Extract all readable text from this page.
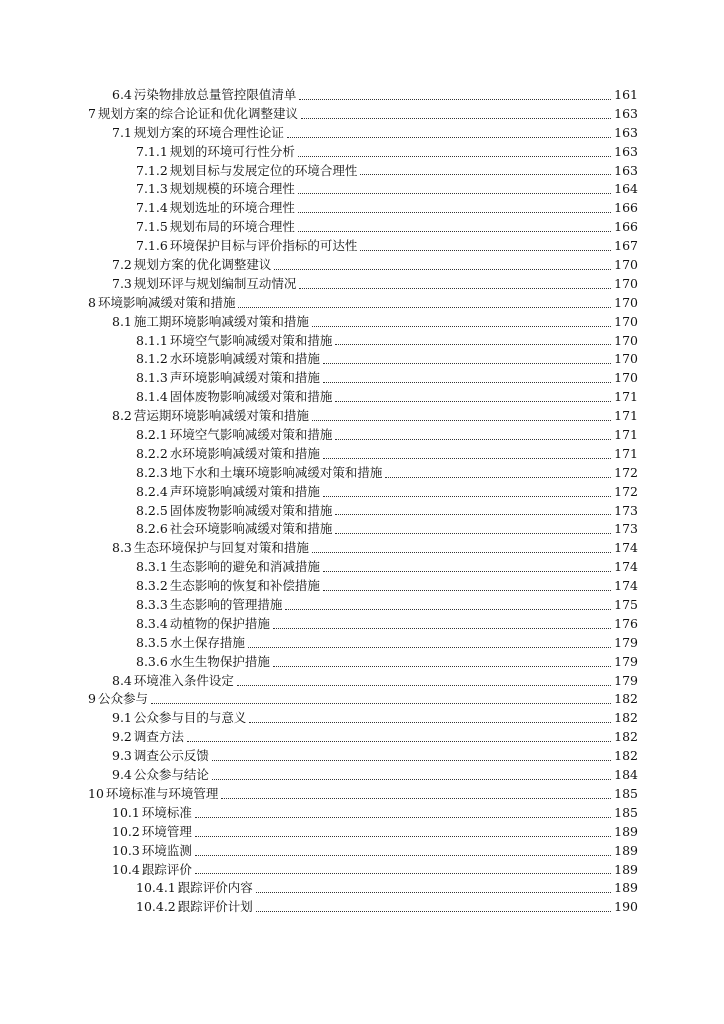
6.4 污染物排放总量管控限值清单	161
7 规划方案的综合论证和优化调整建议	163
7.1 规划方案的环境合理性论证	163
7.1.1 规划的环境可行性分析	163
7.1.2 规划目标与发展定位的环境合理性	163
7.1.3 规划规模的环境合理性	164
7.1.4 规划选址的环境合理性	166
7.1.5 规划布局的环境合理性	166
7.1.6 环境保护目标与评价指标的可达性	167
7.2 规划方案的优化调整建议	170
7.3 规划环评与规划编制互动情况	170
8 环境影响减缓对策和措施	170
8.1 施工期环境影响减缓对策和措施	170
8.1.1 环境空气影响减缓对策和措施	170
8.1.2 水环境影响减缓对策和措施	170
8.1.3 声环境影响减缓对策和措施	170
8.1.4 固体废物影响减缓对策和措施	171
8.2 营运期环境影响减缓对策和措施	171
8.2.1 环境空气影响减缓对策和措施	171
8.2.2 水环境影响减缓对策和措施	171
8.2.3 地下水和土壤环境影响减缓对策和措施	172
8.2.4 声环境影响减缓对策和措施	172
8.2.5 固体废物影响减缓对策和措施	173
8.2.6 社会环境影响减缓对策和措施	173
8.3 生态环境保护与回复对策和措施	174
8.3.1 生态影响的避免和消减措施	174
8.3.2 生态影响的恢复和补偿措施	174
8.3.3 生态影响的管理措施	175
8.3.4 动植物的保护措施	176
8.3.5 水土保存措施	179
8.3.6 水生生物保护措施	179
8.4 环境准入条件设定	179
9 公众参与	182
9.1 公众参与目的与意义	182
9.2 调查方法	182
9.3 调查公示反馈	182
9.4 公众参与结论	184
10 环境标准与环境管理	185
10.1 环境标准	185
10.2 环境管理	189
10.3 环境监测	189
10.4 跟踪评价	189
10.4.1 跟踪评价内容	189
10.4.2 跟踪评价计划	190
